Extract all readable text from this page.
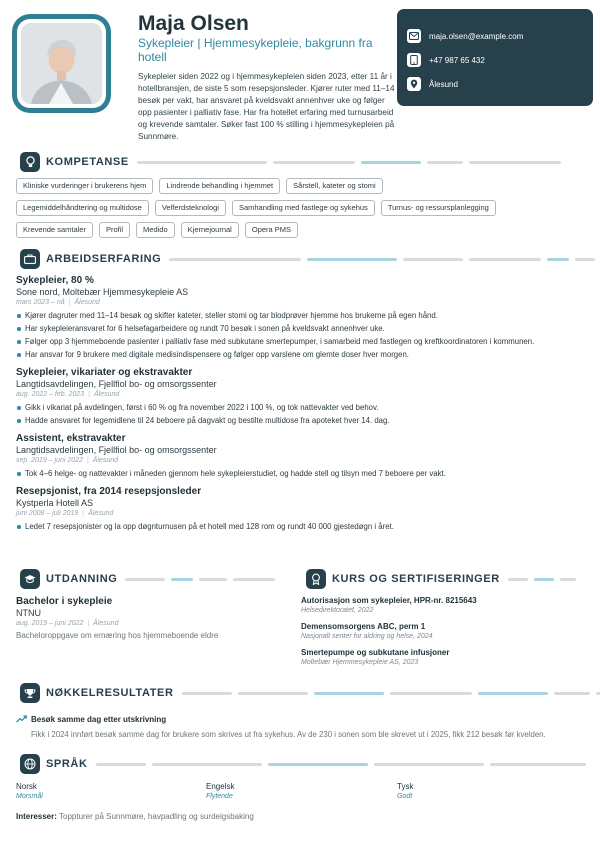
Maja Olsen
Sykepleier | Hjemmesykepleie, bakgrunn fra hotell
Sykepleier siden 2022 og i hjemmesykepleien siden 2023, etter 11 år i hotellbransjen, de siste 5 som resepsjonsleder. Kjører ruter med 11–14 besøk per vakt, har ansvaret på kveldsvakt annenhver uke og følger opp pasienter i palliativ fase. Har fra hotellet erfaring med turnusarbeid og krevende samtaler. Søker fast 100 % stilling i hjemmesykepleien på Sunnmøre.
maja.olsen@example.com
+47 987 65 432
Ålesund
KOMPETANSE
Kliniske vurderinger i brukerens hjem	Lindrende behandling i hjemmet	Sårstell, kateter og stomi
Legemiddelhåndtering og multidose	Velferdsteknologi	Samhandling med fastlege og sykehus	Turnus- og ressursplanlegging
Krevende samtaler	Profil	Medido	Kjernejournal	Opera PMS
ARBEIDSERFARING
Sykepleier, 80 %
Sone nord, Moltebær Hjemmesykepleie AS
mars 2023 – nå | Ålesund
Kjører dagruter med 11–14 besøk og skifter kateter, steller stomi og tar blodprøver hjemme hos brukerne på egen hånd.
Har sykepleieransvaret for 6 helsefagarbeidere og rundt 70 besøk i sonen på kveldsvakt annenhver uke.
Følger opp 3 hjemmeboende pasienter i palliativ fase med subkutane smertepumper, i samarbeid med fastlegen og kreftkoordinatoren i kommunen.
Har ansvar for 9 brukere med digitale medisindispensere og følger opp varslene om glemte doser hver morgen.
Sykepleier, vikariater og ekstravakter
Langtidsavdelingen, Fjellfiol bo- og omsorgssenter
aug. 2022 – feb. 2023 | Ålesund
Gikk i vikariat på avdelingen, først i 60 % og fra november 2022 i 100 %, og tok nattevakter ved behov.
Hadde ansvaret for legemidlene til 24 beboere på dagvakt og bestilte multidose fra apoteket hver 14. dag.
Assistent, ekstravakter
Langtidsavdelingen, Fjellfiol bo- og omsorgssenter
sep. 2019 – juni 2022 | Ålesund
Tok 4–6 helge- og nattevakter i måneden gjennom hele sykepleierstudiet, og hadde stell og tilsyn med 7 beboere per vakt.
Resepsjonist, fra 2014 resepsjonsleder
Kystperla Hotell AS
juni 2008 – juli 2019 | Ålesund
Ledet 7 resepsjonister og la opp døgnturnusen på et hotell med 128 rom og rundt 40 000 gjestedøgn i året.
UTDANNING
Bachelor i sykepleie
NTNU
aug. 2019 – juni 2022 | Ålesund
Bacheloroppgave om ernæring hos hjemmeboende eldre
KURS OG SERTIFISERINGER
Autorisasjon som sykepleier, HPR-nr. 8215643
Helsedirektoratet, 2022
Demensomsorgens ABC, perm 1
Nasjonalt senter for aldring og helse, 2024
Smertepumpe og subkutane infusjoner
Moltebær Hjemmesykepleie AS, 2023
NØKKELRESULTATER
Besøk samme dag etter utskrivning
Fikk i 2024 innført besøk samme dag for brukere som skrives ut fra sykehus. Av de 230 i sonen som ble skrevet ut i 2025, fikk 212 besøk før kvelden.
SPRÅK
Norsk
Morsmål
Engelsk
Flytende
Tysk
Godt
Interesser: Toppturer på Sunnmøre, havpadling og surdeigsbaking
